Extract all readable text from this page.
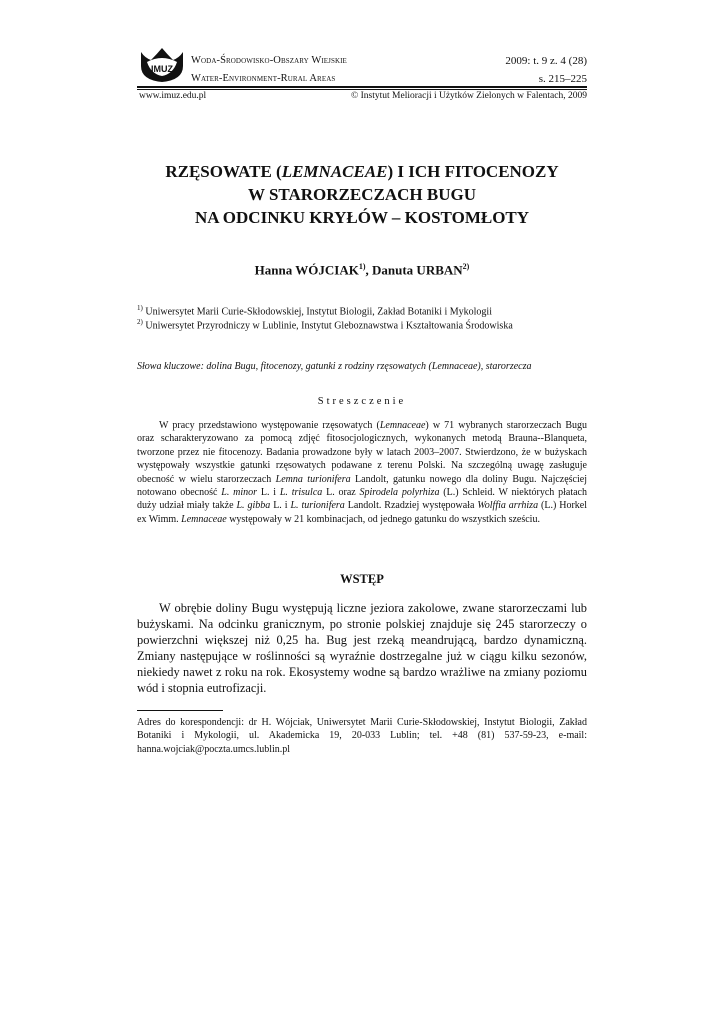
IMUZ
Woda-Środowisko-Obszary Wiejskie
Water-Environment-Rural Areas
2009: t. 9 z. 4 (28)
s. 215–225
www.imuz.edu.pl	© Instytut Melioracji i Użytków Zielonych w Falentach, 2009
RZĘSOWATE (LEMNACEAE) I ICH FITOCENOZY
W STARORZECZACH BUGU
NA ODCINKU KRYŁÓW – KOSTOMŁOTY
Hanna WÓJCIAK$^{1)}$, Danuta URBAN$^{2)}$
$^{1)}$ Uniwersytet Marii Curie-Skłodowskiej, Instytut Biologii, Zakład Botaniki i Mykologii
$^{2)}$ Uniwersytet Przyrodniczy w Lublinie, Instytut Gleboznawstwa i Kształtowania Środowiska
Słowa kluczowe: dolina Bugu, fitocenozy, gatunki z rodziny rzęsowatych (Lemnaceae), starorzecza
Streszczenie
W pracy przedstawiono występowanie rzęsowatych (Lemnaceae) w 71 wybranych starorzeczach Bugu oraz scharakteryzowano za pomocą zdjęć fitosocjologicznych, wykonanych metodą Brauna-‑Blanqueta, tworzone przez nie fitocenozy. Badania prowadzone były w latach 2003–2007. Stwierdzono, że w bużyskach występowały wszystkie gatunki rzęsowatych podawane z terenu Polski. Na szczególną uwagę zasługuje obecność w wielu starorzeczach Lemna turionifera Landolt, gatunku nowego dla doliny Bugu. Najczęściej notowano obecność L. minor L. i L. trisulca L. oraz Spirodela polyrhiza (L.) Schleid. W niektórych płatach duży udział miały także L. gibba L. i L. turionifera Landolt. Rzadziej występowała Wolffia arrhiza (L.) Horkel ex Wimm. Lemnaceae występowały w 21 kombinacjach, od jednego gatunku do wszystkich sześciu.
WSTĘP
W obrębie doliny Bugu występują liczne jeziora zakolowe, zwane starorzeczami lub bużyskami. Na odcinku granicznym, po stronie polskiej znajduje się 245 starorzeczy o powierzchni większej niż 0,25 ha. Bug jest rzeką meandrującą, bardzo dynamiczną. Zmiany następujące w roślinności są wyraźnie dostrzegalne już w ciągu kilku sezonów, niekiedy nawet z roku na rok. Ekosystemy wodne są bardzo wrażliwe na zmiany poziomu wód i stopnia eutrofizacji.
Adres do korespondencji: dr H. Wójciak, Uniwersytet Marii Curie-Skłodowskiej, Instytut Biologii, Zakład Botaniki i Mykologii, ul. Akademicka 19, 20-033 Lublin; tel. +48 (81) 537-59-23, e-mail: hanna.wojciak@poczta.umcs.lublin.pl
